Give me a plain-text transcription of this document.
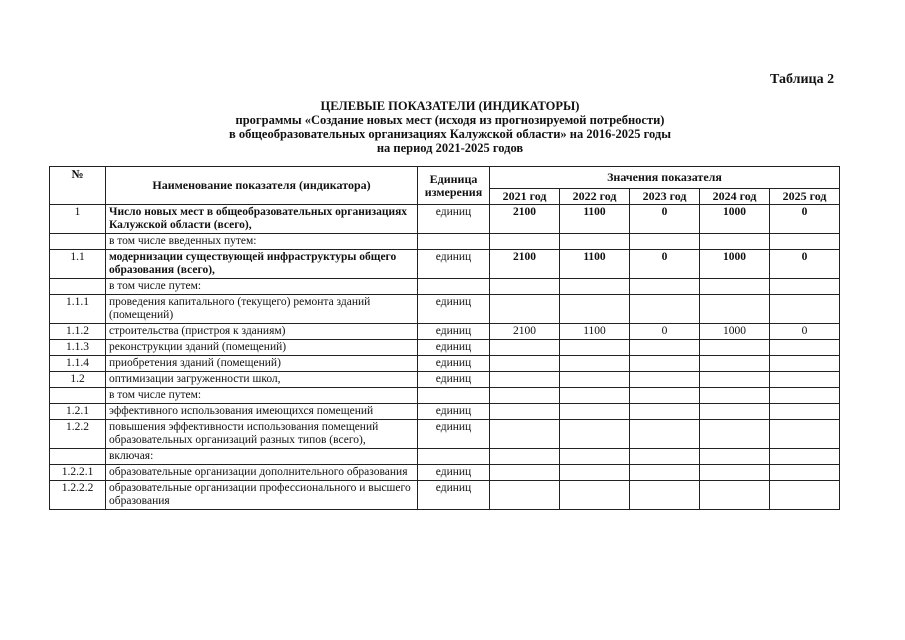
Таблица 2
ЦЕЛЕВЫЕ ПОКАЗАТЕЛИ (ИНДИКАТОРЫ)
программы «Создание новых мест (исходя из прогнозируемой потребности)
в общеобразовательных организациях Калужской области» на 2016-2025 годы
на период 2021-2025 годов
№	Наименование показателя (индикатора)	Единица измерения	Значения показателя				
			2021 год	2022 год	2023 год	2024 год	2025 год
1	Число новых мест в общеобразовательных организациях Калужской области (всего),	единиц	2100	1100	0	1000	0
	в том числе введенных путем:						
1.1	модернизации существующей инфраструктуры общего образования (всего),	единиц	2100	1100	0	1000	0
	в том числе путем:						
1.1.1	проведения капитального (текущего) ремонта зданий (помещений)	единиц					
1.1.2	строительства (пристроя к зданиям)	единиц	2100	1100	0	1000	0
1.1.3	реконструкции зданий (помещений)	единиц					
1.1.4	приобретения зданий (помещений)	единиц					
1.2	оптимизации загруженности школ,	единиц					
	в том числе путем:						
1.2.1	эффективного использования имеющихся помещений	единиц					
1.2.2	повышения эффективности использования помещений образовательных организаций разных типов (всего),	единиц					
	включая:						
1.2.2.1	образовательные организации дополнительного образования	единиц					
1.2.2.2	образовательные организации профессионального и высшего образования	единиц					
